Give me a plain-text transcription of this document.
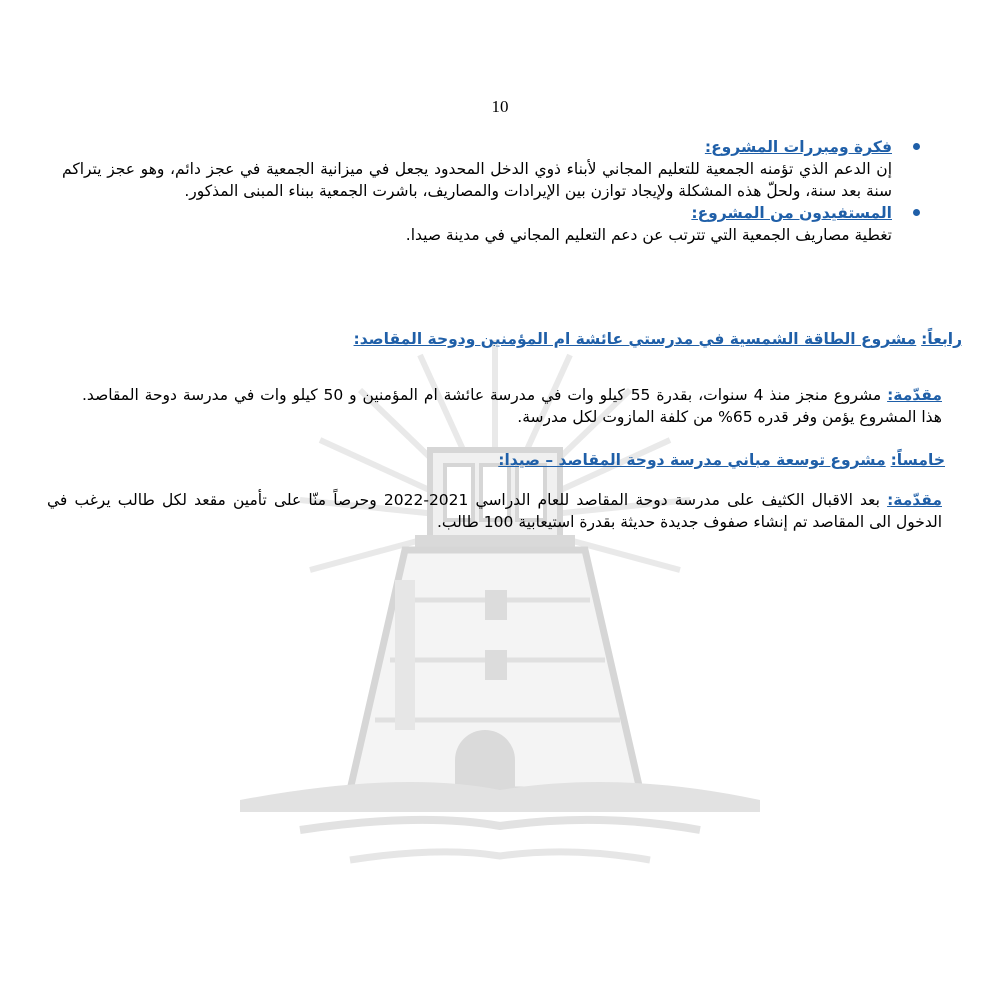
10
فكرة ومبررات المشروع:
إن الدعم الذي تؤمنه الجمعية للتعليم المجاني لأبناء ذوي الدخل المحدود يجعل في ميزانية الجمعية في عجز دائم، وهو عجز يتراكم سنة بعد سنة، ولحلّ هذه المشكلة ولإيجاد توازن بين الإيرادات والمصاريف، باشرت الجمعية ببناء المبنى المذكور.
المستفيدون من المشروع:
تغطية مصاريف الجمعية التي تترتب عن دعم التعليم المجاني في مدينة صيدا.
رابعاً: مشروع الطاقة الشمسية في مدرستي عائشة ام المؤمنين ودوحة المقاصد:
مقدّمة: مشروع منجز منذ 4 سنوات، بقدرة 55 كيلو وات في مدرسة عائشة ام المؤمنين و 50 كيلو وات في مدرسة دوحة المقاصد. هذا المشروع يؤمن وفر قدره 65% من كلفة المازوت لكل مدرسة.
خامساً: مشروع توسعة مباني مدرسة دوحة المقاصد – صيدا:
مقدّمة: بعد الاقبال الكثيف على مدرسة دوحة المقاصد للعام الدراسي 2021-2022 وحرصاً منّا على تأمين مقعد لكل طالب يرغب في الدخول الى المقاصد تم إنشاء صفوف جديدة حديثة بقدرة استيعابية 100 طالب.
